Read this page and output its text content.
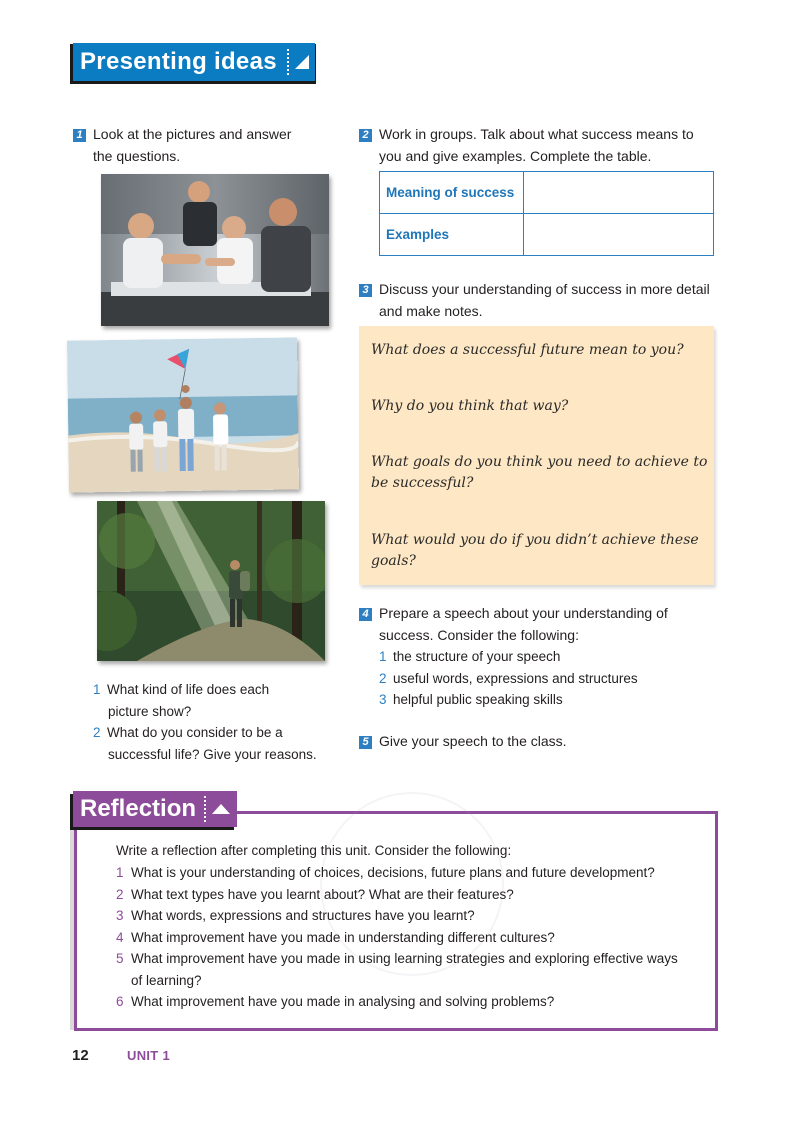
Presenting ideas
1 Look at the pictures and answer
the questions.
1 What kind of life does each
picture show?
2 What do you consider to be a
successful life? Give your reasons.
2 Work in groups. Talk about what success means to
you and give examples. Complete the table.
Meaning of success	
Examples	
3 Discuss your understanding of success in more detail
and make notes.
What does a successful future mean to you?
Why do you think that way?
What goals do you think you need to achieve to
be successful?
What would you do if you didn’t achieve these goals?
4 Prepare a speech about your understanding of
success. Consider the following:
1 the structure of your speech
2 useful words, expressions and structures
3 helpful public speaking skills
5 Give your speech to the class.
Reflection
Write a reflection after completing this unit. Consider the following:
1 What is your understanding of choices, decisions, future plans and future development?
2 What text types have you learnt about? What are their features?
3 What words, expressions and structures have you learnt?
4 What improvement have you made in understanding different cultures?
5 What improvement have you made in using learning strategies and exploring effective ways
of learning?
6 What improvement have you made in analysing and solving problems?
12	UNIT 1
